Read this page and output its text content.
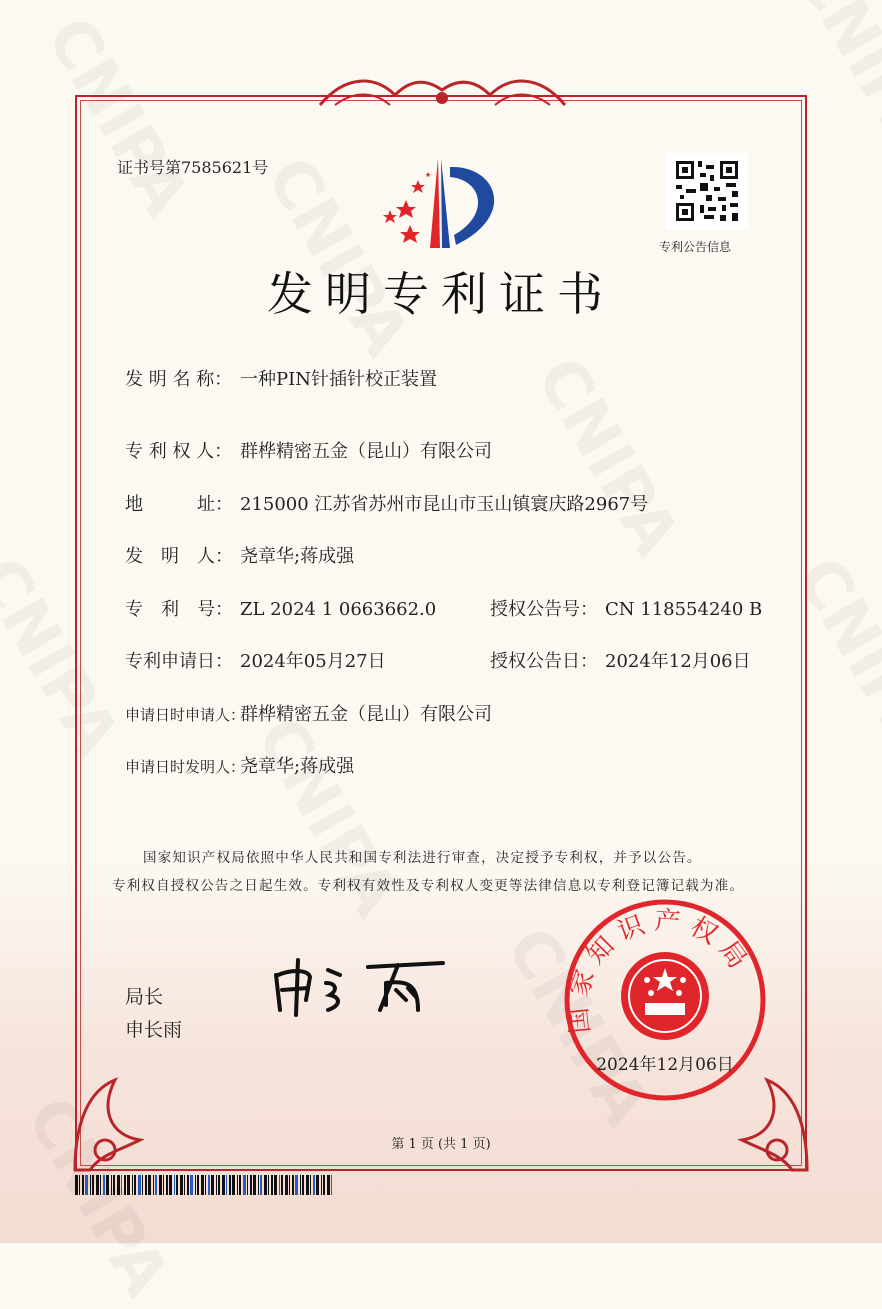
证书号第7585621号
专利公告信息
发明专利证书
发 明 名 称： 一种PIN针插针校正装置
专 利 权 人： 群桦精密五金（昆山）有限公司
地　　　址： 215000 江苏省苏州市昆山市玉山镇寰庆路2967号
发　明　人： 尧章华;蒋成强
专　利　号： ZL 2024 1 0663662.0	授权公告号： CN 118554240 B
专利申请日： 2024年05月27日	授权公告日： 2024年12月06日
申请日时申请人：群桦精密五金（昆山）有限公司
申请日时发明人：尧章华;蒋成强
国家知识产权局依照中华人民共和国专利法进行审查，决定授予专利权，并予以公告。
专利权自授权公告之日起生效。专利权有效性及专利权人变更等法律信息以专利登记簿记载为准。
局长
申长雨	国家知识产权局
2024年12月06日
第 1 页 (共 1 页)
